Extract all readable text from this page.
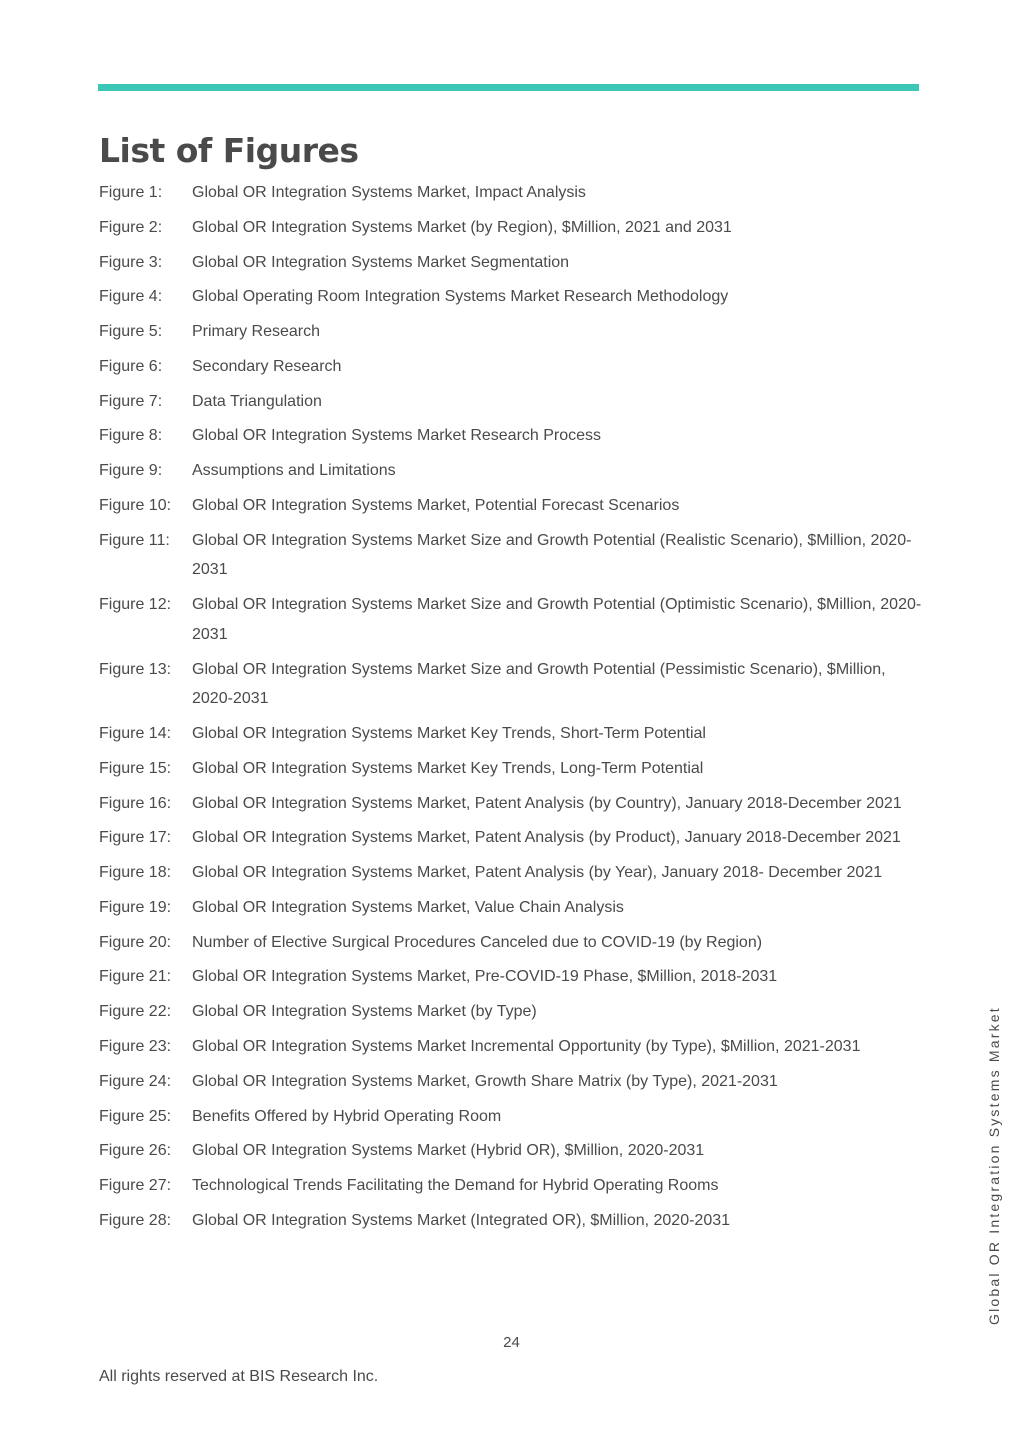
List of Figures
Figure 1:	Global OR Integration Systems Market, Impact Analysis
Figure 2:	Global OR Integration Systems Market (by Region), $Million, 2021 and 2031
Figure 3:	Global OR Integration Systems Market Segmentation
Figure 4:	Global Operating Room Integration Systems Market Research Methodology
Figure 5:	Primary Research
Figure 6:	Secondary Research
Figure 7:	Data Triangulation
Figure 8:	Global OR Integration Systems Market Research Process
Figure 9:	Assumptions and Limitations
Figure 10:	Global OR Integration Systems Market, Potential Forecast Scenarios
Figure 11:	Global OR Integration Systems Market Size and Growth Potential (Realistic Scenario), $Million, 2020-2031
Figure 12:	Global OR Integration Systems Market Size and Growth Potential (Optimistic Scenario), $Million, 2020-2031
Figure 13:	Global OR Integration Systems Market Size and Growth Potential (Pessimistic Scenario), $Million, 2020-2031
Figure 14:	Global OR Integration Systems Market Key Trends, Short-Term Potential
Figure 15:	Global OR Integration Systems Market Key Trends, Long-Term Potential
Figure 16:	Global OR Integration Systems Market, Patent Analysis (by Country), January 2018-December 2021
Figure 17:	Global OR Integration Systems Market, Patent Analysis (by Product), January 2018-December 2021
Figure 18:	Global OR Integration Systems Market, Patent Analysis (by Year), January 2018- December 2021
Figure 19:	Global OR Integration Systems Market, Value Chain Analysis
Figure 20:	Number of Elective Surgical Procedures Canceled due to COVID-19 (by Region)
Figure 21:	Global OR Integration Systems Market, Pre-COVID-19 Phase, $Million, 2018-2031
Figure 22:	Global OR Integration Systems Market (by Type)
Figure 23:	Global OR Integration Systems Market Incremental Opportunity (by Type), $Million, 2021-2031
Figure 24:	Global OR Integration Systems Market, Growth Share Matrix (by Type), 2021-2031
Figure 25:	Benefits Offered by Hybrid Operating Room
Figure 26:	Global OR Integration Systems Market (Hybrid OR), $Million, 2020-2031
Figure 27:	Technological Trends Facilitating the Demand for Hybrid Operating Rooms
Figure 28:	Global OR Integration Systems Market (Integrated OR), $Million, 2020-2031	Global OR Integration Systems Market
24
All rights reserved at BIS Research Inc.
